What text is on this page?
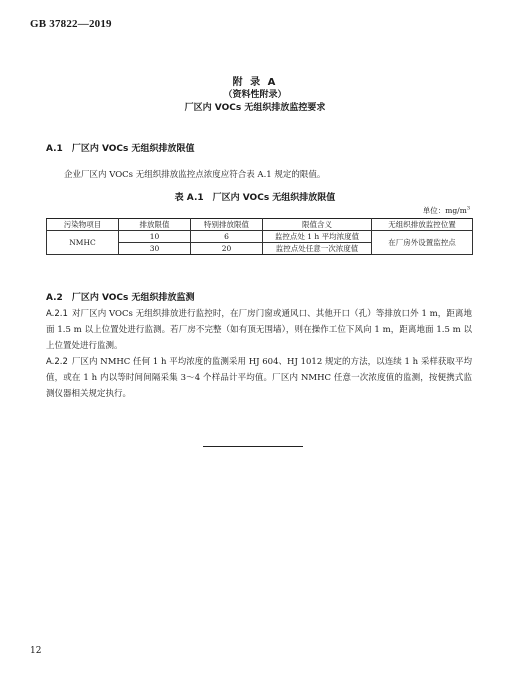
GB 37822—2019
附 录 A
（资料性附录）
厂区内 VOCs 无组织排放监控要求
A.1　厂区内 VOCs 无组织排放限值
企业厂区内 VOCs 无组织排放监控点浓度应符合表 A.1 规定的限值。
表 A.1　厂区内 VOCs 无组织排放限值
单位：$mg/m^3$
污染物项目	排放限值	特别排放限值	限值含义	无组织排放监控位置
NMHC	10	6	监控点处 1 h 平均浓度值	在厂房外设置监控点
	30	20	监控点处任意一次浓度值	
A.2　厂区内 VOCs 无组织排放监测
A.2.1 对厂区内 VOCs 无组织排放进行监控时，在厂房门窗或通风口、其他开口（孔）等排放口外 1 m，距离地面 1.5 m 以上位置处进行监测。若厂房不完整（如有顶无围墙），则在操作工位下风向 1 m，距离地面 1.5 m 以上位置处进行监测。
A.2.2 厂区内 NMHC 任何 1 h 平均浓度的监测采用 HJ 604、HJ 1012 规定的方法，以连续 1 h 采样获取平均值，或在 1 h 内以等时间间隔采集 3～4 个样品计平均值。厂区内 NMHC 任意一次浓度值的监测，按便携式监测仪器相关规定执行。
12
